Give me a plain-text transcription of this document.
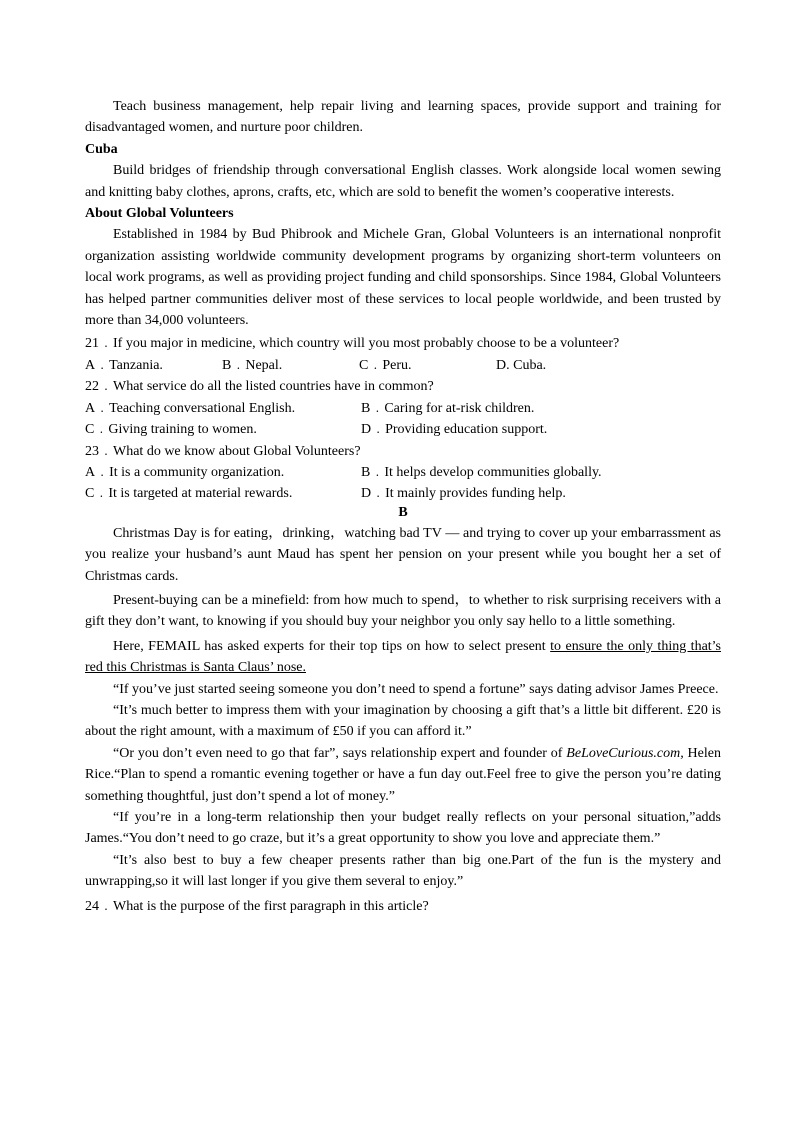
Teach business management, help repair living and learning spaces, provide support and training for disadvantaged women, and nurture poor children.

Cuba

Build bridges of friendship through conversational English classes. Work alongside local women sewing and knitting baby clothes, aprons, crafts, etc, which are sold to benefit the women’s cooperative interests.

About Global Volunteers

Established in 1984 by Bud Phibrook and Michele Gran, Global Volunteers is an international nonprofit organization assisting worldwide community development programs by organizing short-term volunteers on local work programs, as well as providing project funding and child sponsorships. Since 1984, Global Volunteers has helped partner communities deliver most of these services to local people worldwide, and been trusted by more than 34,000 volunteers.

21﹒If you major in medicine, which country will you most probably choose to be a volunteer?

A﹒Tanzania.	B﹒Nepal.	C﹒Peru.	D. Cuba.

22﹒What service do all the listed countries have in common?

A﹒Teaching conversational English.	B﹒Caring for at-risk children.
C﹒Giving training to women.	D﹒Providing education support.

23﹒What do we know about Global Volunteers?

A﹒It is a community organization.	B﹒It helps develop communities globally.
C﹒It is targeted at material rewards.	D﹒It mainly provides funding help.

B

Christmas Day is for eating，drinking，watching bad TV — and trying to cover up your embarrassment as you realize your husband’s aunt Maud has spent her pension on your present while you bought her a set of Christmas cards.

Present-buying can be a minefield: from how much to spend，to whether to risk surprising receivers with a gift they don’t want, to knowing if you should buy your neighbor you only say hello to a little something.

Here, FEMAIL has asked experts for their top tips on how to select present to ensure the only thing that’s red this Christmas is Santa Claus’ nose.

“If you’ve just started seeing someone you don’t need to spend a fortune” says dating advisor James Preece.

“It’s much better to impress them with your imagination by choosing a gift that’s a little bit different. £20 is about the right amount, with a maximum of £50 if you can afford it.”

“Or you don’t even need to go that far”, says relationship expert and founder of BeLoveCurious.com, Helen Rice.“Plan to spend a romantic evening together or have a fun day out.Feel free to give the person you’re dating something thoughtful, just don’t spend a lot of money.”

“If you’re in a long-term relationship then your budget really reflects on your personal situation,”adds James.“You don’t need to go craze, but it’s a great opportunity to show you love and appreciate them.”

“It’s also best to buy a few cheaper presents rather than big one.Part of the fun is the mystery and unwrapping,so it will last longer if you give them several to enjoy.”

24﹒What is the purpose of the first paragraph in this article?
